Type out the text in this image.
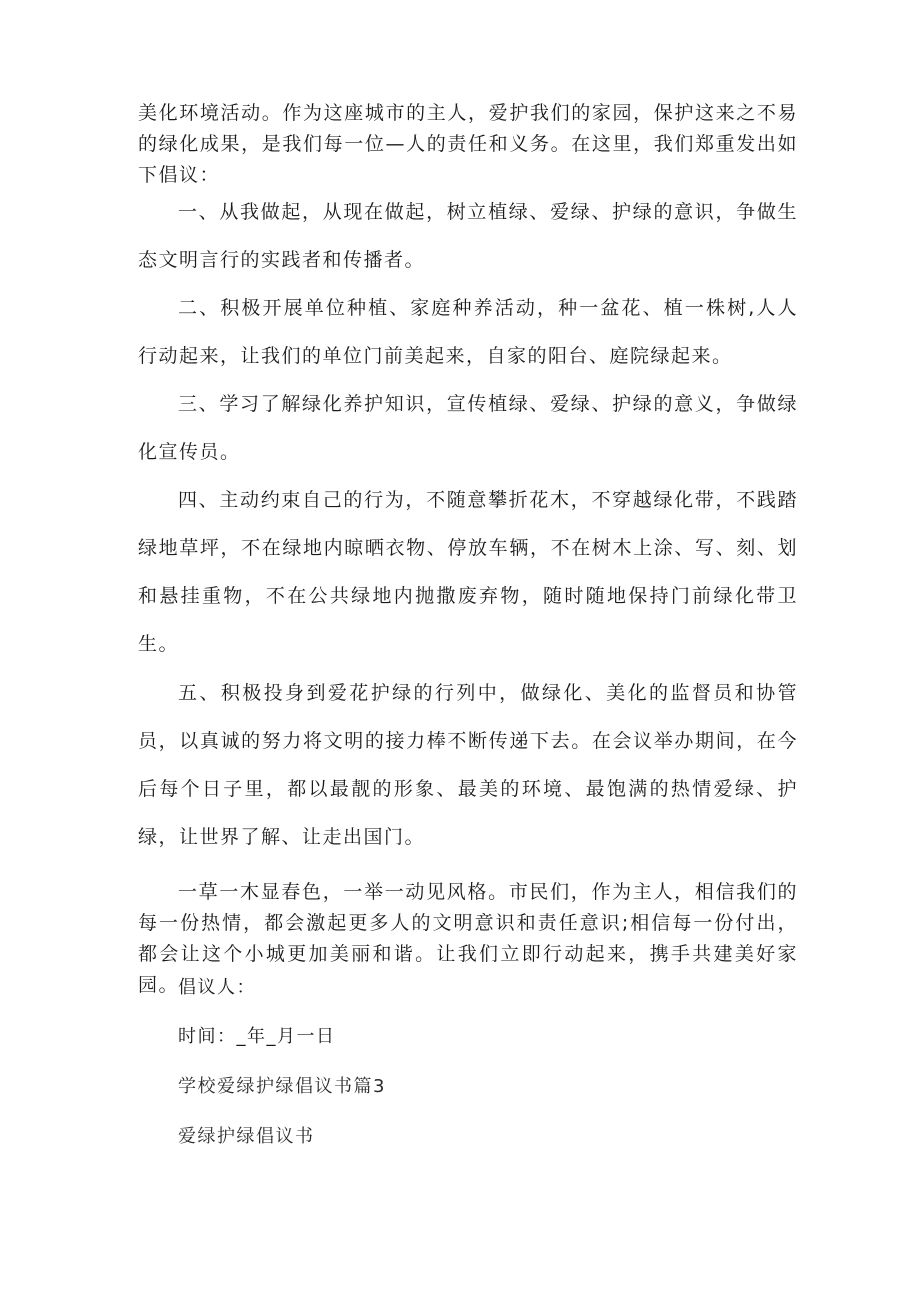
美化环境活动。作为这座城市的主人，爱护我们的家园，保护这来之不易的绿化成果，是我们每一位—人的责任和义务。在这里，我们郑重发出如下倡议：

一、从我做起，从现在做起，树立植绿、爱绿、护绿的意识，争做生态文明言行的实践者和传播者。

二、积极开展单位种植、家庭种养活动，种一盆花、植一株树,人人行动起来，让我们的单位门前美起来，自家的阳台、庭院绿起来。

三、学习了解绿化养护知识，宣传植绿、爱绿、护绿的意义，争做绿化宣传员。

四、主动约束自己的行为，不随意攀折花木，不穿越绿化带，不践踏绿地草坪，不在绿地内晾晒衣物、停放车辆，不在树木上涂、写、刻、划和悬挂重物，不在公共绿地内抛撒废弃物，随时随地保持门前绿化带卫生。

五、积极投身到爱花护绿的行列中，做绿化、美化的监督员和协管员，以真诚的努力将文明的接力棒不断传递下去。在会议举办期间，在今后每个日子里，都以最靓的形象、最美的环境、最饱满的热情爱绿、护绿，让世界了解、让走出国门。

一草一木显春色，一举一动见风格。市民们，作为主人，相信我们的每一份热情，都会激起更多人的文明意识和责任意识;相信每一份付出，都会让这个小城更加美丽和谐。让我们立即行动起来，携手共建美好家园。

倡议人：

时间：_年_月一日

学校爱绿护绿倡议书篇3

爱绿护绿倡议书
